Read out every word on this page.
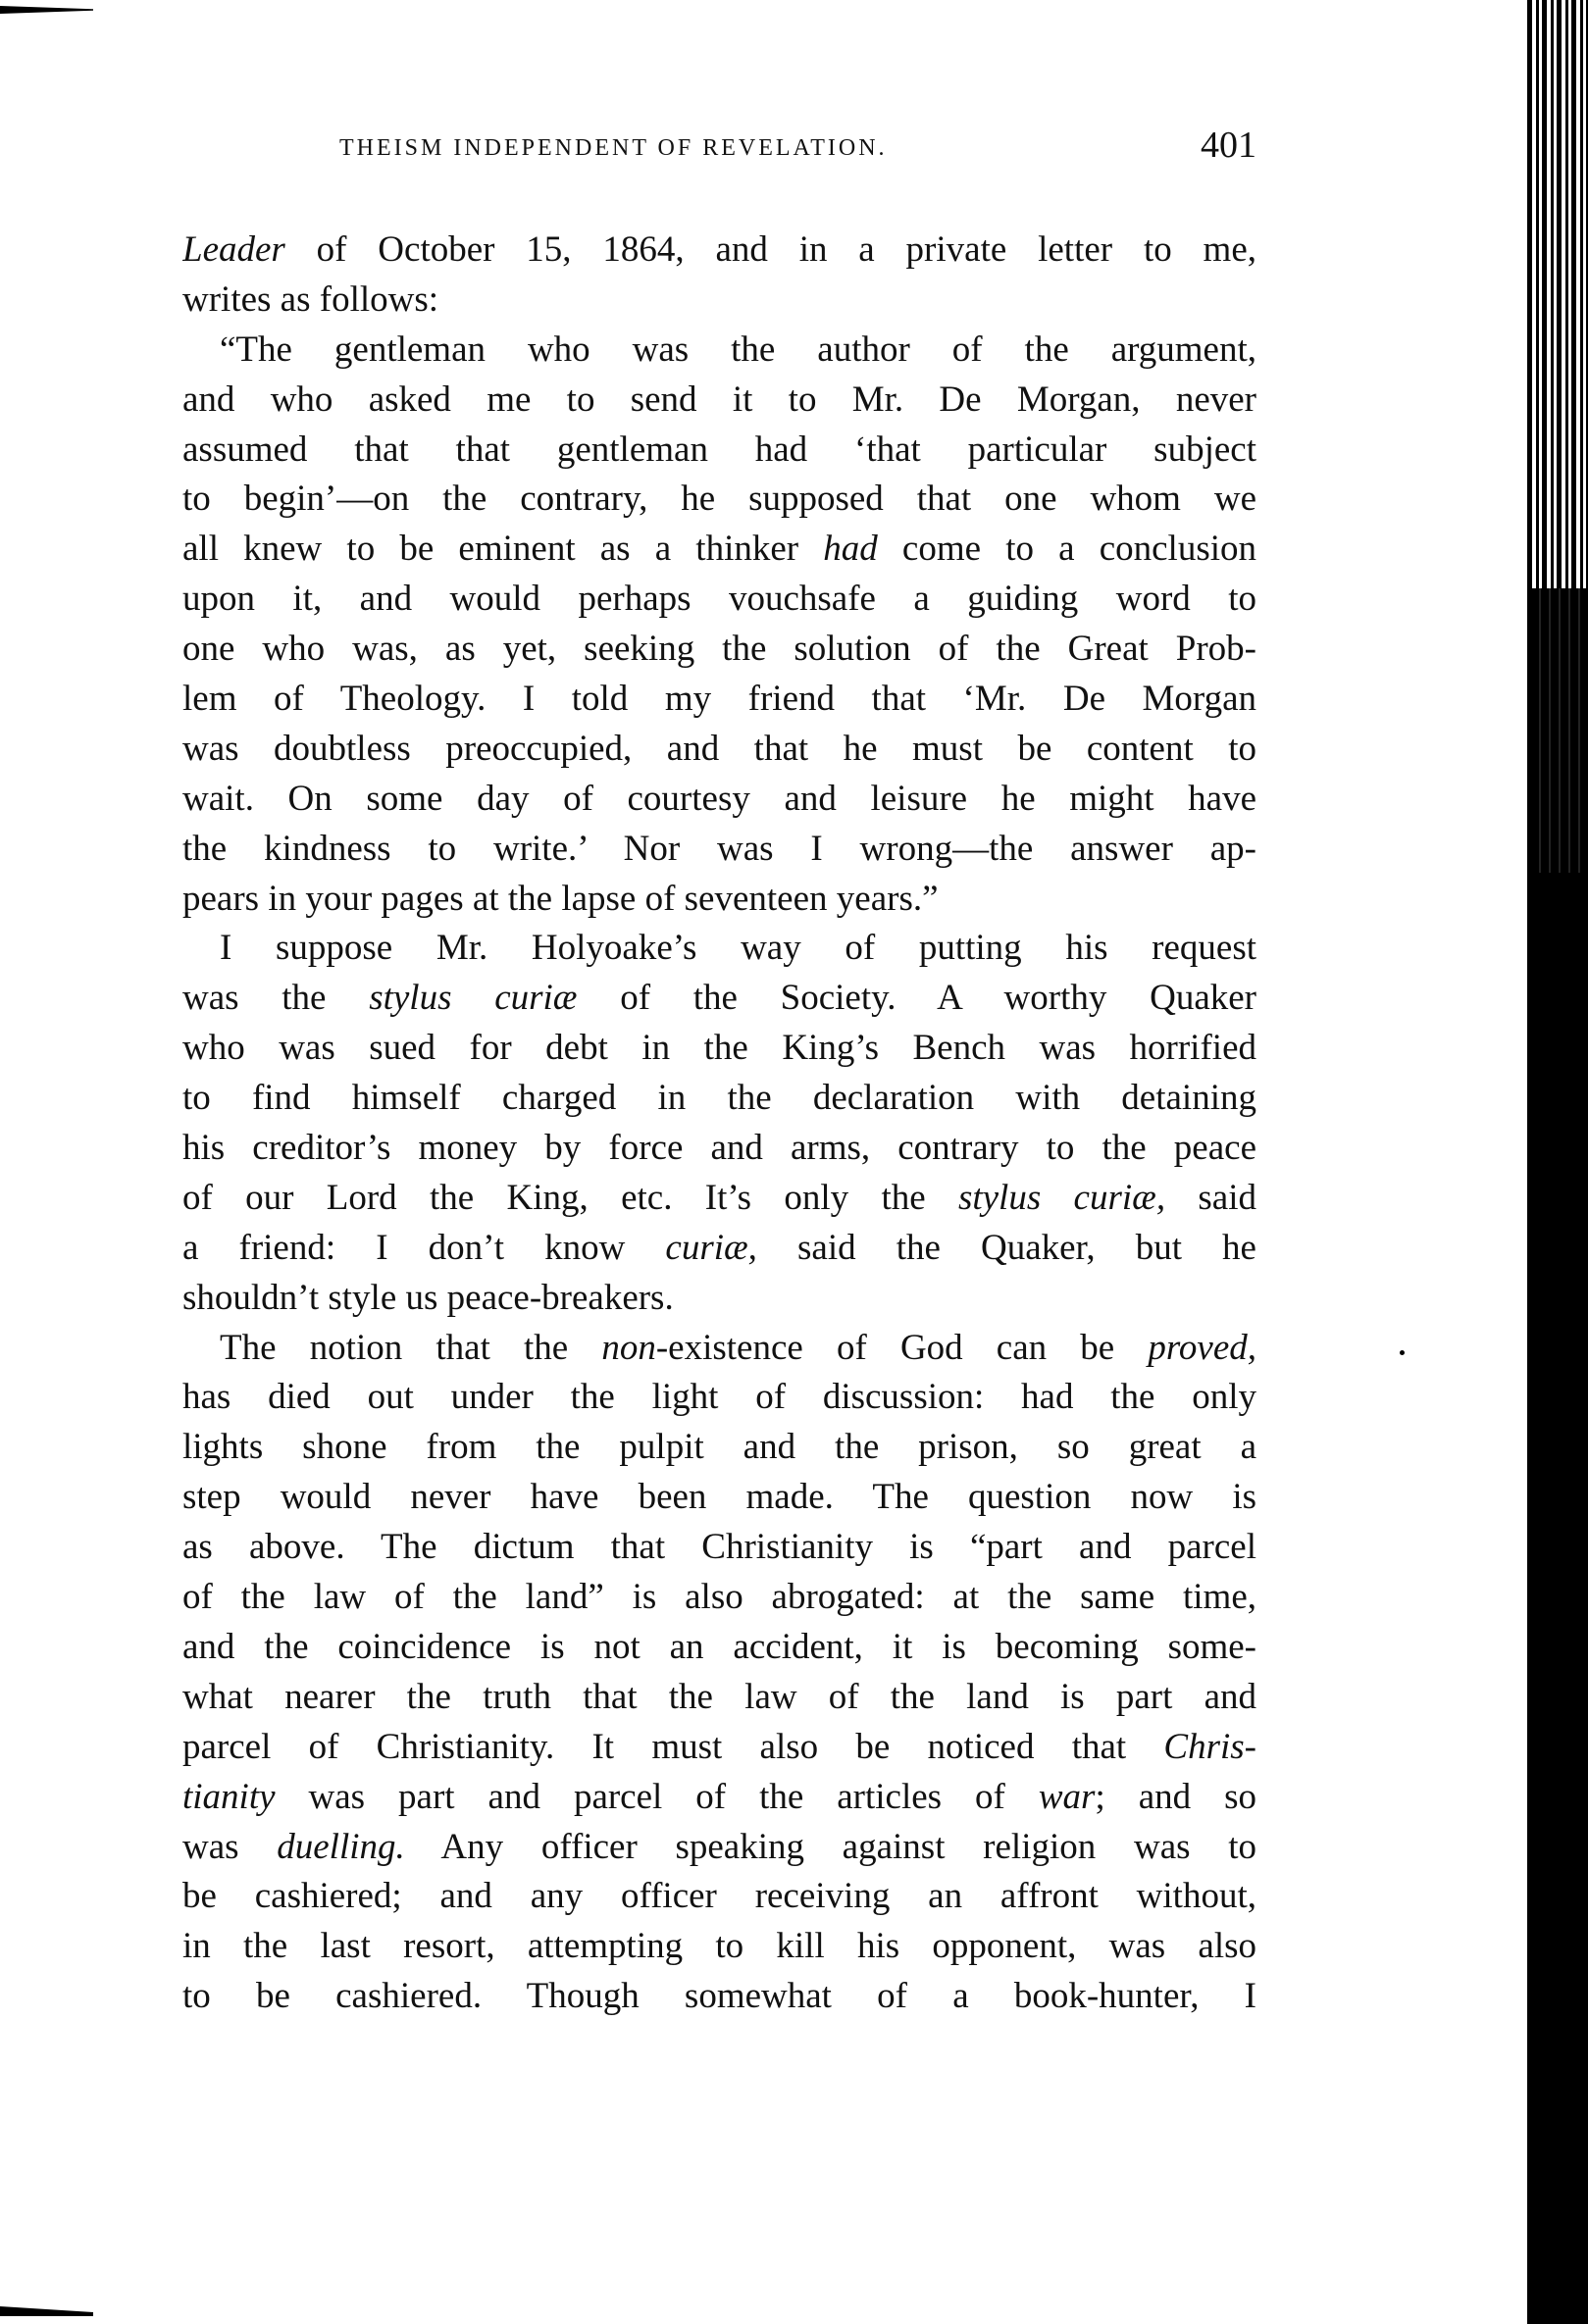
THEISM INDEPENDENT OF REVELATION.	401
Leader of October 15, 1864, and in a private letter to me,
writes as follows:
“The gentleman who was the author of the argument,
and who asked me to send it to Mr. De Morgan, never
assumed that that gentleman had ‘that particular subject
to begin’—on the contrary, he supposed that one whom we
all knew to be eminent as a thinker had come to a conclusion
upon it, and would perhaps vouchsafe a guiding word to
one who was, as yet, seeking the solution of the Great Prob-
lem of Theology. I told my friend that ‘Mr. De Morgan
was doubtless preoccupied, and that he must be content to
wait. On some day of courtesy and leisure he might have
the kindness to write.’ Nor was I wrong—the answer ap-
pears in your pages at the lapse of seventeen years.”
I suppose Mr. Holyoake’s way of putting his request
was the stylus curiæ of the Society. A worthy Quaker
who was sued for debt in the King’s Bench was horrified
to find himself charged in the declaration with detaining
his creditor’s money by force and arms, contrary to the peace
of our Lord the King, etc. It’s only the stylus curiæ, said
a friend: I don’t know curiæ, said the Quaker, but he
shouldn’t style us peace-breakers.
The notion that the non-existence of God can be proved,
has died out under the light of discussion: had the only
lights shone from the pulpit and the prison, so great a
step would never have been made. The question now is
as above. The dictum that Christianity is “part and parcel
of the law of the land” is also abrogated: at the same time,
and the coincidence is not an accident, it is becoming some-
what nearer the truth that the law of the land is part and
parcel of Christianity. It must also be noticed that Chris-
tianity was part and parcel of the articles of war; and so
was duelling. Any officer speaking against religion was to
be cashiered; and any officer receiving an affront without,
in the last resort, attempting to kill his opponent, was also
to be cashiered. Though somewhat of a book-hunter, I
